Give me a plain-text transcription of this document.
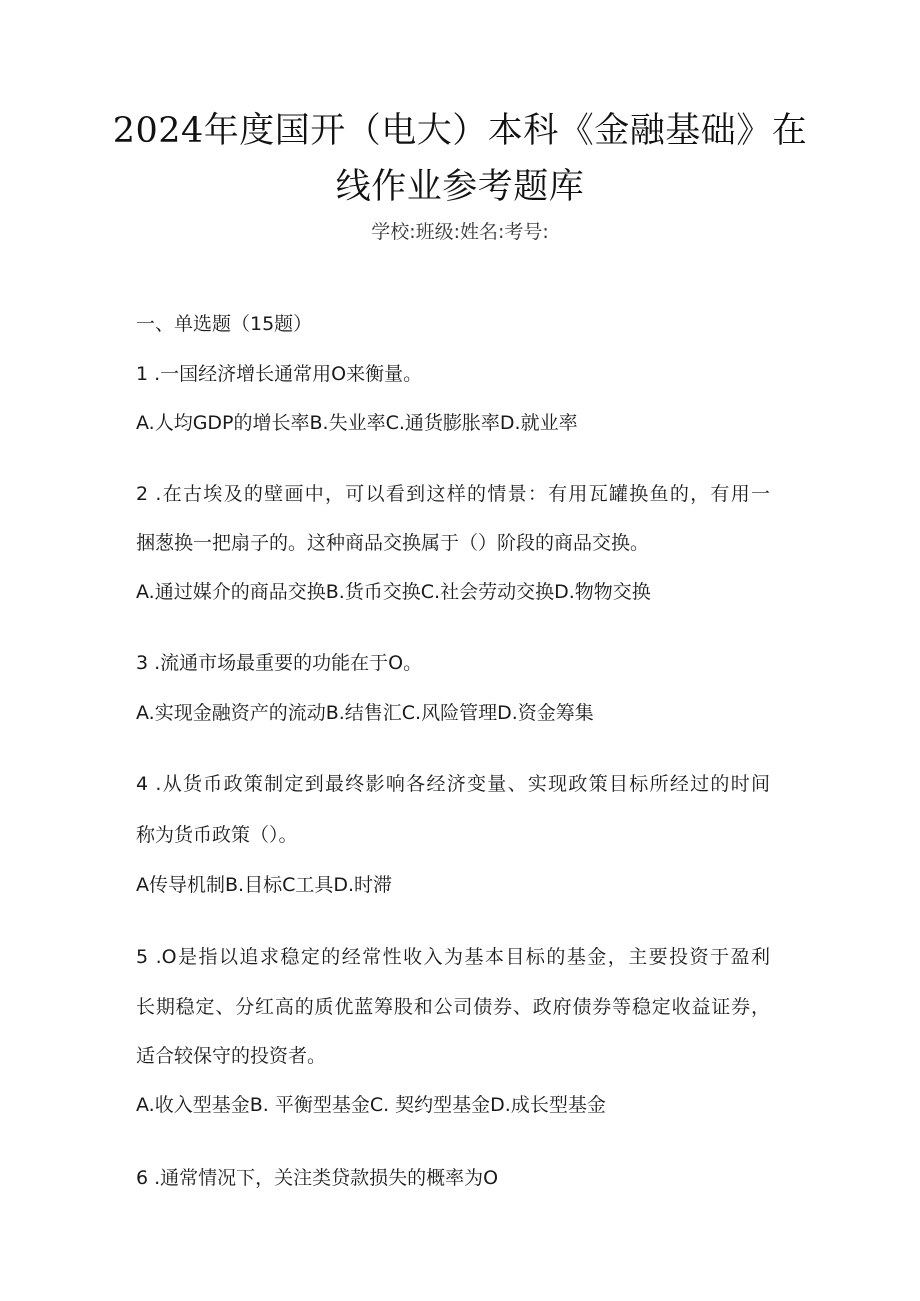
2024年度国开（电大）本科《金融基础》在
线作业参考题库
学校:班级:姓名:考号:
一、单选题（15题）
1 .一国经济增长通常用O来衡量。
A.人均GDP的增长率B.失业率C.通货膨胀率D.就业率
2 .在古埃及的壁画中，可以看到这样的情景：有用瓦罐换鱼的，有用一
捆葱换一把扇子的。这种商品交换属于（）阶段的商品交换。
A.通过媒介的商品交换B.货币交换C.社会劳动交换D.物物交换
3 .流通市场最重要的功能在于O。
A.实现金融资产的流动B.结售汇C.风险管理D.资金筹集
4 .从货币政策制定到最终影响各经济变量、实现政策目标所经过的时间
称为货币政策（）。
A传导机制B.目标C工具D.时滞
5 .O是指以追求稳定的经常性收入为基本目标的基金，主要投资于盈利
长期稳定、分红高的质优蓝筹股和公司债券、政府债券等稳定收益证券，
适合较保守的投资者。
A.收入型基金B. 平衡型基金C. 契约型基金D.成长型基金
6 .通常情况下，关注类贷款损失的概率为O
